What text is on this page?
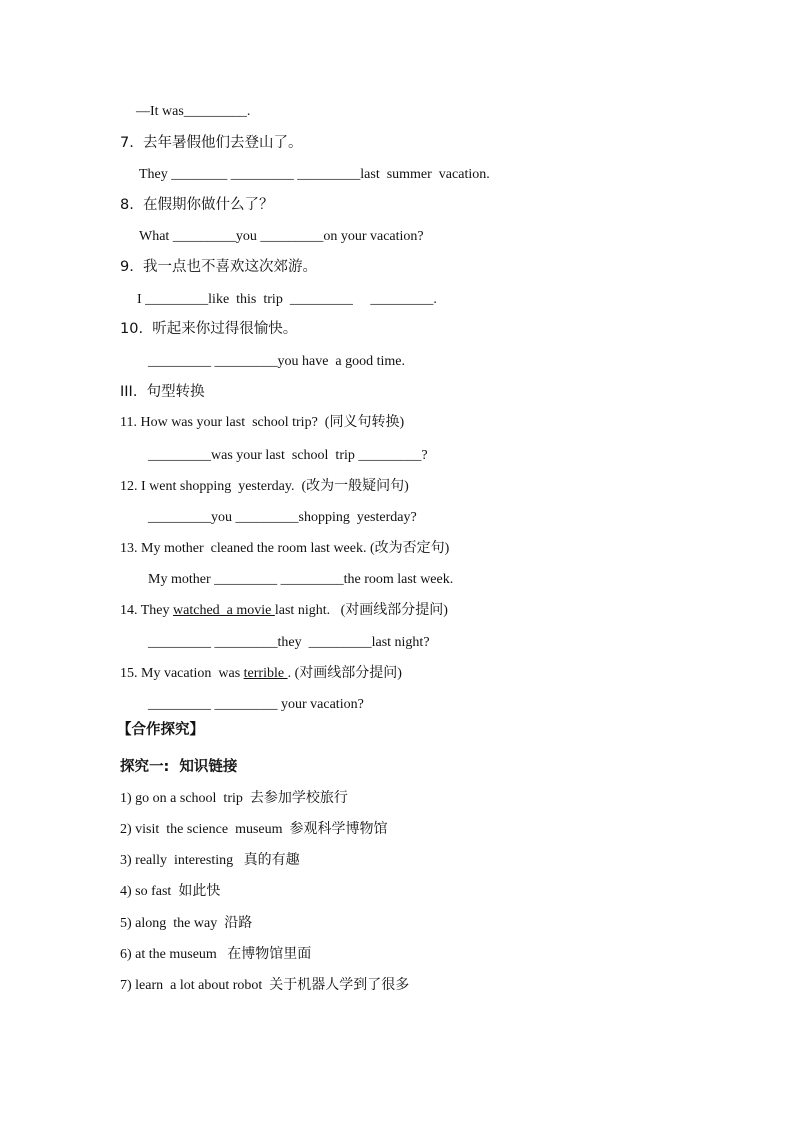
—It was_________.
7.  去年暑假他们去登山了。
They ________ _________ _________last  summer  vacation.
8.  在假期你做什么了？
What _________you _________on your vacation?
9.  我一点也不喜欢这次郊游。
I _________like  this  trip  _________     _________.
10.  听起来你过得很愉快。
_________ _________you have  a good time.
III.  句型转换
11. How was your last  school trip?  (同义句转换)
_________was your last  school  trip _________?
12. I went shopping  yesterday.  (改为一般疑问句)
_________you _________shopping  yesterday?
13. My mother  cleaned the room last week. (改为否定句)
My mother _________ _________the room last week.
14. They watched  a movie last night.   (对画线部分提问)
_________ _________they  _________last night?
15. My vacation  was terrible . (对画线部分提问)
_________ _________ your vacation?
【合作探究】
探究一:  知识链接
1) go on a school  trip  去参加学校旅行
2) visit  the science  museum  参观科学博物馆
3) really  interesting   真的有趣
4) so fast  如此快
5) along  the way  沿路
6) at the museum   在博物馆里面
7) learn  a lot about robot  关于机器人学到了很多
